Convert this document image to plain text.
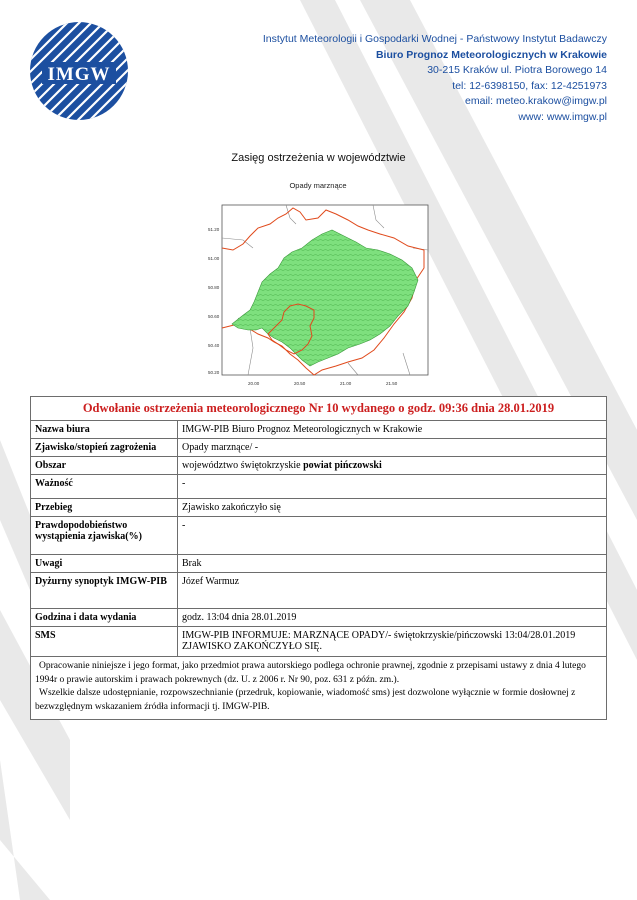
IMGW
Instytut Meteorologii i Gospodarki Wodnej - Państwowy Instytut Badawczy
Biuro Prognoz Meteorologicznych w Krakowie
30-215 Kraków ul. Piotra Borowego 14
tel: 12-6398150, fax: 12-4251973
email: meteo.krakow@imgw.pl
www: www.imgw.pl
Zasięg ostrzeżenia w województwie
Opady marznące
51.20
51.00
50.80
50.60
50.40
50.20
20.00	20.50	21.00	21.50
Odwołanie ostrzeżenia meteorologicznego Nr 10 wydanego o godz. 09:36 dnia 28.01.2019	
Nazwa biura	IMGW-PIB Biuro Prognoz Meteorologicznych w Krakowie
Zjawisko/stopień zagrożenia	Opady marznące/ -
Obszar	województwo świętokrzyskie powiat pińczowski
Ważność	-
Przebieg	Zjawisko zakończyło się
Prawdopodobieństwo wystąpienia zjawiska(%)	-
Uwagi	Brak
Dyżurny synoptyk IMGW-PIB	Józef Warmuz
Godzina i data wydania	godz. 13:04 dnia 28.01.2019
SMS	IMGW-PIB INFORMUJE: MARZNĄCE OPADY/- świętokrzyskie/pińczowski 13:04/28.01.2019 ZJAWISKO ZAKOŃCZYŁO SIĘ.

Opracowanie niniejsze i jego format, jako przedmiot prawa autorskiego podlega ochronie prawnej, zgodnie z przepisami ustawy z dnia 4 lutego 1994r o prawie autorskim i prawach pokrewnych (dz. U. z 2006 r. Nr 90, poz. 631 z późn. zm.).
Wszelkie dalsze udostępnianie, rozpowszechnianie (przedruk, kopiowanie, wiadomość sms) jest dozwolone wyłącznie w formie dosłownej z bezwzględnym wskazaniem źródła informacji tj. IMGW-PIB.	
